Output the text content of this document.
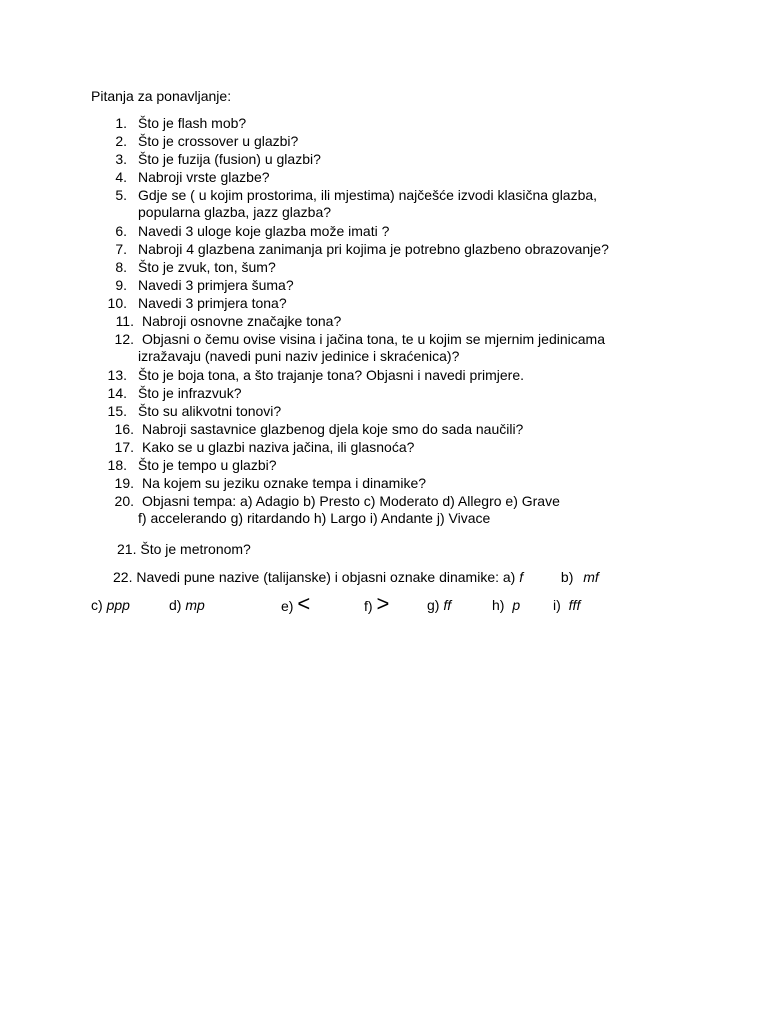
Pitanja za ponavljanje:
1. Što je flash mob?
2. Što je crossover u glazbi?
3. Što je fuzija (fusion) u glazbi?
4. Nabroji vrste glazbe?
5. Gdje se ( u kojim prostorima, ili mjestima) najčešće izvodi klasična glazba,
popularna glazba, jazz glazba?
6. Navedi 3 uloge koje glazba može imati ?
7. Nabroji 4 glazbena zanimanja pri kojima je potrebno glazbeno obrazovanje?
8. Što je zvuk, ton, šum?
9. Navedi 3 primjera šuma?
10. Navedi 3 primjera tona?
11. Nabroji osnovne značajke tona?
12. Objasni o čemu ovise visina i jačina tona, te u kojim se mjernim jedinicama
izražavaju (navedi puni naziv jedinice i skraćenica)?
13. Što je boja tona, a što trajanje tona? Objasni i navedi primjere.
14. Što je infrazvuk?
15. Što su alikvotni tonovi?
16. Nabroji sastavnice glazbenog djela koje smo do sada naučili?
17. Kako se u glazbi naziva jačina, ili glasnoća?
18. Što je tempo u glazbi?
19. Na kojem su jeziku oznake tempa i dinamike?
20. Objasni tempa: a) Adagio b) Presto c) Moderato d) Allegro e) Grave
f) accelerando g) ritardando h) Largo i) Andante j) Vivace
21. Što je metronom?
22. Navedi pune nazive (talijanske) i objasni oznake dinamike: a) f	b) mf
c) ppp	d) mp	e) <	f) >	g) ff	h) p i) fff
